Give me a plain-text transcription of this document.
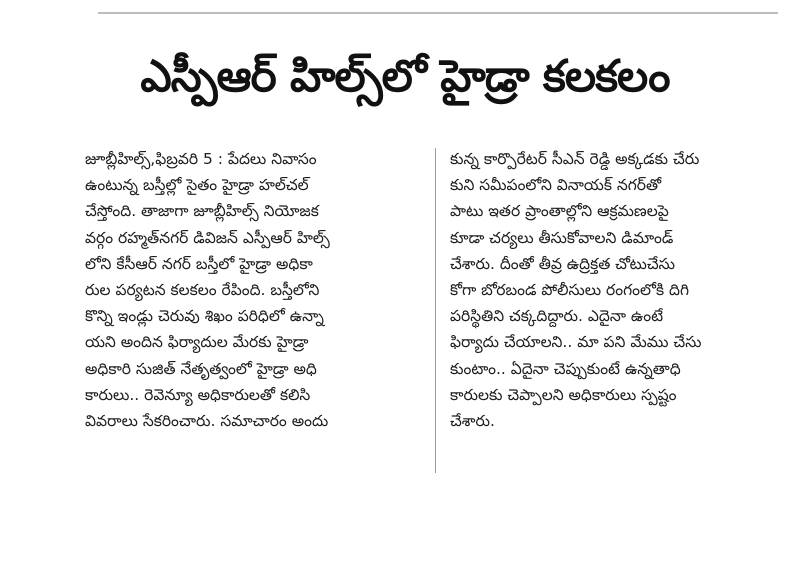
ఎస్పీఆర్ హిల్స్‌లో హైడ్రా కలకలం
జూబ్లీహిల్స్,ఫిబ్రవరి 5 : పేదలు నివాసం
ఉంటున్న బస్తీల్లో సైతం హైడ్రా హల్‌చల్
చేస్తోంది. తాజాగా జూబ్లీహిల్స్ నియోజక
వర్గం రహ్మత్‌నగర్ డివిజన్ ఎస్పీఆర్ హిల్స్
లోని కేసీఆర్ నగర్ బస్తీలో హైడ్రా అధికా
రుల పర్యటన కలకలం రేపింది. బస్తీలోని
కొన్ని ఇండ్లు చెరువు శిఖం పరిధిలో ఉన్నా
యని అందిన ఫిర్యాదుల మేరకు హైడ్రా
అధికారి సుజిత్ నేతృత్వంలో హైడ్రా అధి
కారులు.. రెవెన్యూ అధికారులతో కలిసి
వివరాలు సేకరించారు. సమాచారం అందు
కున్న కార్పొరేటర్ సీఎన్ రెడ్డి అక్కడకు చేరు
కుని సమీపంలోని వినాయక్ నగర్‌తో
పాటు ఇతర ప్రాంతాల్లోని ఆక్రమణలపై
కూడా చర్యలు తీసుకోవాలని డిమాండ్
చేశారు. దీంతో తీవ్ర ఉద్రిక్తత చోటుచేసు
కోగా బోరబండ పోలీసులు రంగంలోకి దిగి
పరిస్థితిని చక్కదిద్దారు. ఎదైనా ఉంటే
ఫిర్యాదు చేయాలని.. మా పని మేము చేసు
కుంటాం.. ఏదైనా చెప్పుకుంటే ఉన్నతాధి
కారులకు చెప్పాలని అధికారులు స్పష్టం
చేశారు.
